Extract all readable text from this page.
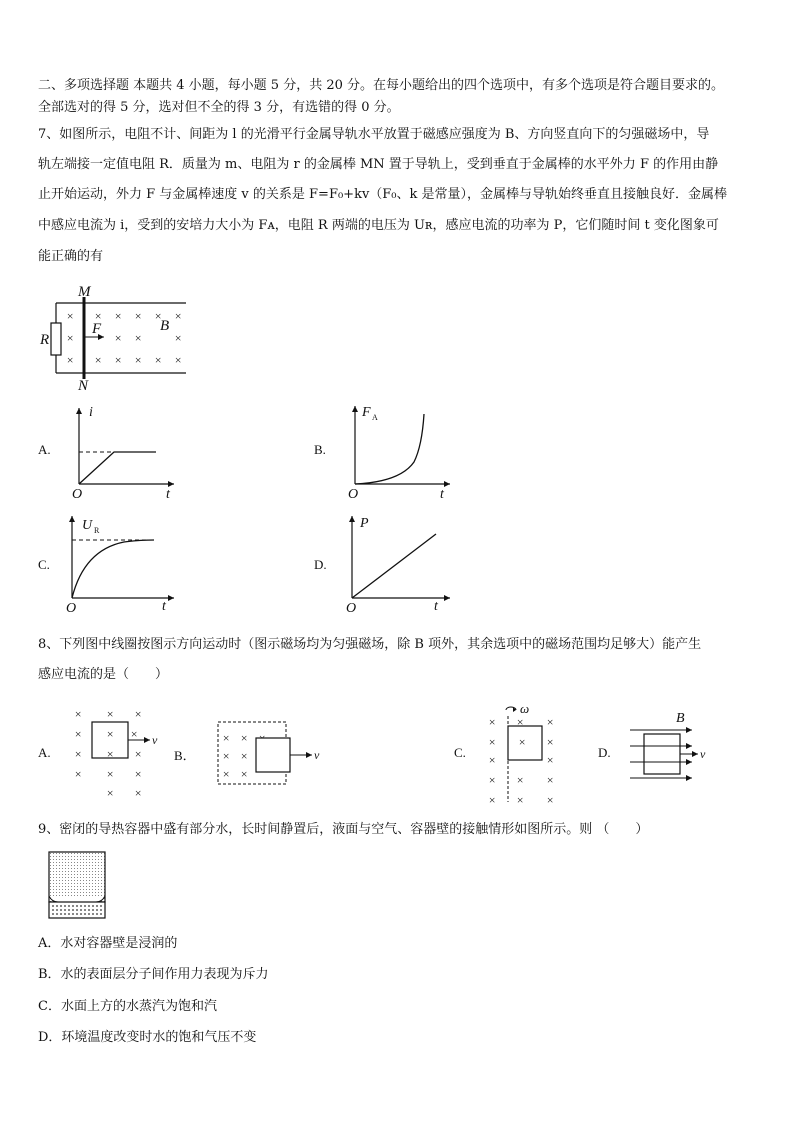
二、多项选择题 本题共 4 小题，每小题 5 分，共 20 分。在每小题给出的四个选项中，有多个选项是符合题目要求的。
全部选对的得 5 分，选对但不全的得 3 分，有选错的得 0 分。
7、如图所示，电阻不计、间距为 l 的光滑平行金属导轨水平放置于磁感应强度为 B、方向竖直向下的匀强磁场中，导
轨左端接一定值电阻 R．质量为 m、电阻为 r 的金属棒 MN 置于导轨上，受到垂直于金属棒的水平外力 F 的作用由静
止开始运动，外力 F 与金属棒速度 v 的关系是 F=F₀+kv（F₀、k 是常量），金属棒与导轨始终垂直且接触良好．金属棒
中感应电流为 i，受到的安培力大小为 Fᴀ，电阻 R 两端的电压为 Uʀ，感应电流的功率为 P，它们随时间 t 变化图象可
能正确的有
×
×
×
× × × × ×
× ×	×
× × × × ×
M
N
R
F	B
A.
i
t
O
B.
F A
t
O
C.
U R
t
O
D.
P
t
O
8、下列图中线圈按图示方向运动时（图示磁场均为匀强磁场，除 B 项外，其余选项中的磁场范围均足够大）能产生
感应电流的是（　　）
A.
× × ×
× × ×
× × ×
× × ×
× ×
v
B．
× ×
× ×
× ×
v	C.
ω
× × ×
× × ×
×	×
× × ×
× × ×
D.
B
v
9、密闭的导热容器中盛有部分水，长时间静置后，液面与空气、容器壁的接触情形如图所示。则 （　　）
A．水对容器壁是浸润的
B．水的表面层分子间作用力表现为斥力
C．水面上方的水蒸汽为饱和汽
D．环境温度改变时水的饱和气压不变
